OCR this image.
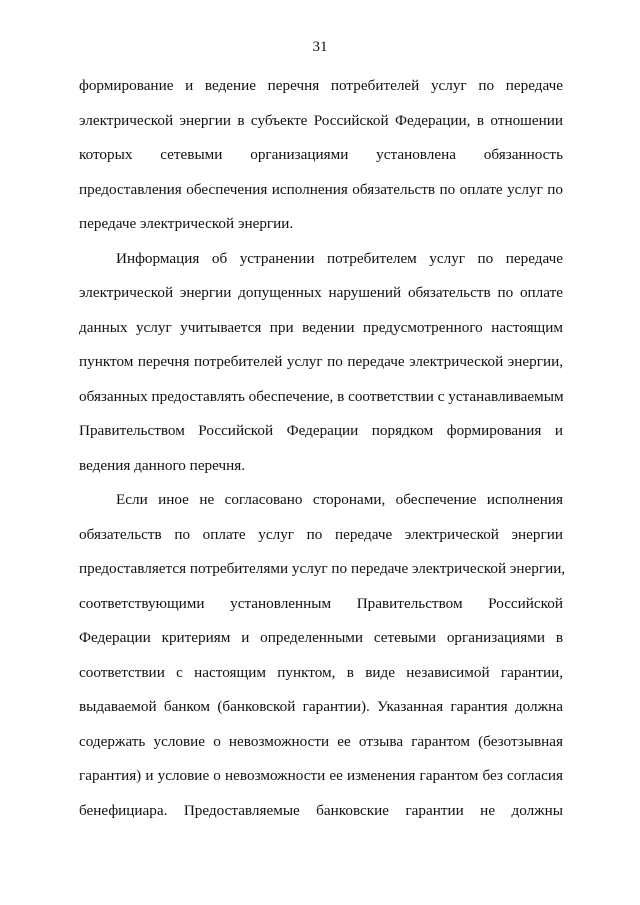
31
формирование и ведение перечня потребителей услуг по передаче
электрической энергии в субъекте Российской Федерации, в отношении
которых сетевыми организациями установлена обязанность
предоставления обеспечения исполнения обязательств по оплате услуг по
передаче электрической энергии.
Информация об устранении потребителем услуг по передаче
электрической энергии допущенных нарушений обязательств по оплате
данных услуг учитывается при ведении предусмотренного настоящим
пунктом перечня потребителей услуг по передаче электрической энергии,
обязанных предоставлять обеспечение, в соответствии с устанавливаемым
Правительством Российской Федерации порядком формирования и
ведения данного перечня.
Если иное не согласовано сторонами, обеспечение исполнения
обязательств по оплате услуг по передаче электрической энергии
предоставляется потребителями услуг по передаче электрической энергии,
соответствующими установленным Правительством Российской
Федерации критериям и определенными сетевыми организациями в
соответствии с настоящим пунктом, в виде независимой гарантии,
выдаваемой банком (банковской гарантии). Указанная гарантия должна
содержать условие о невозможности ее отзыва гарантом (безотзывная
гарантия) и условие о невозможности ее изменения гарантом без согласия
бенефициара. Предоставляемые банковские гарантии не должны
